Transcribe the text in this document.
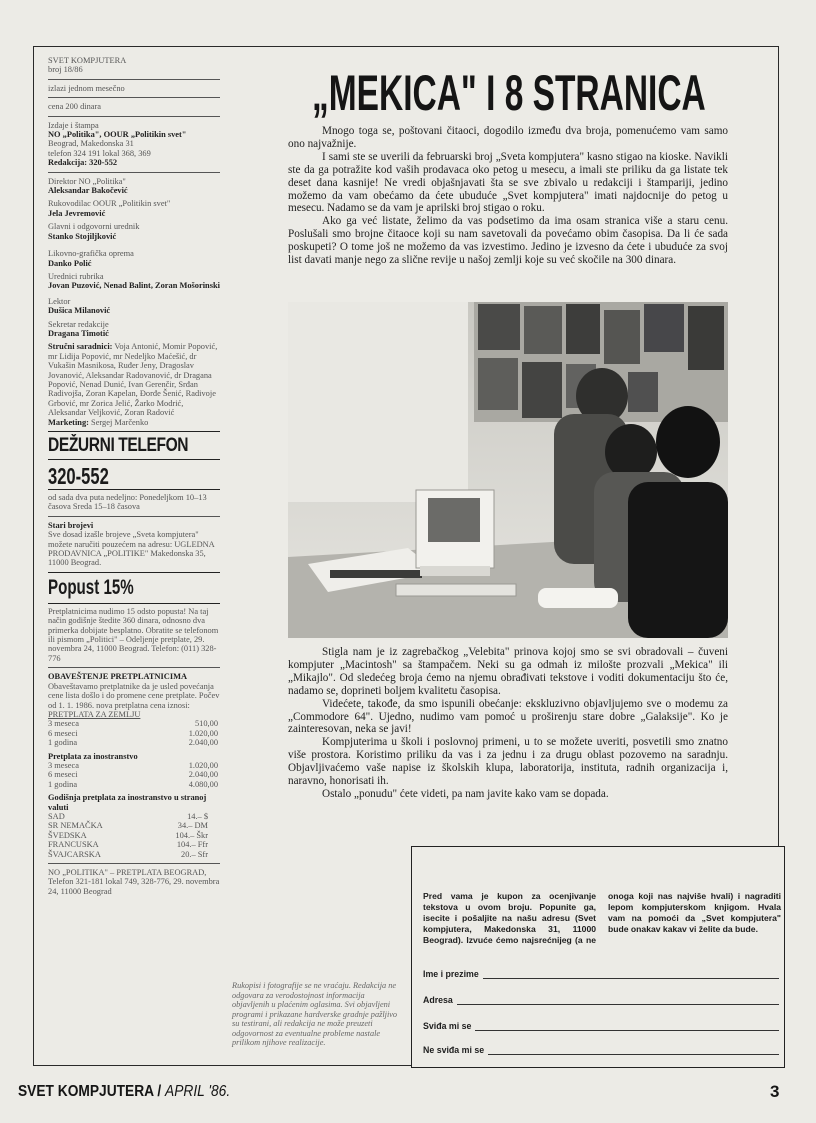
SVET KOMPJUTERA
broj 18/86
izlazi jednom mesečno
cena 200 dinara
Izdaje i štampa
NO „Politika", OOUR „Politikin svet"
Beograd, Makedonska 31
telefon 324 191 lokal 368, 369
Redakcija: 320-552
Direktor NO „Politika"
Aleksandar Bakočević
Rukovodilac OOUR „Politikin svet"
Jela Jevremović
Glavni i odgovorni urednik
Stanko Stojiljković
Likovno-grafička oprema
Danko Polić
Urednici rubrika
Jovan Puzović, Nenad Balint, Zoran Mošorinski
Lektor
Dušica Milanović
Sekretar redakcije
Dragana Timotić
Stručni saradnici: Voja Antonić, Momir Popović, mr Lidija Popović, mr Nedeljko Maćešić, dr Vukašin Masnikosa, Ruđer Jeny, Dragoslav Jovanović, Aleksandar Radovanović, dr Dragana Popović, Nenad Dunić, Ivan Gerenčir, Srđan Radivojša, Zoran Kapelan, Đorđe Šenić, Radivoje Grbović, mr Zorica Jelić, Žarko Modrić, Aleksandar Veljković, Zoran Radović
Marketing: Sergej Marčenko
DEŽURNI TELEFON
320-552
od sada dva puta nedeljno: Ponedeljkom 10–13 časova Sreda 15–18 časova
Stari brojevi
Sve dosad izašle brojeve „Sveta kompjutera" možete naručiti pouzećem na adresu: UGLEDNA PRODAVNICA „POLITIKE" Makedonska 35, 11000 Beograd.
Popust 15%
Pretplatnicima nudimo 15 odsto popusta! Na taj način godišnje štedite 360 dinara, odnosno dva primerka dobijate besplatno. Obratite se telefonom ili pismom „Politici" – Odeljenje pretplate, 29. novembra 24, 11000 Beograd. Telefon: (011) 328-776
OBAVEŠTENJE PRETPLATNICIMA
Obaveštavamo pretplatnike da je usled povećanja cene lista došlo i do promene cene pretplate. Počev od 1. 1. 1986. nova pretplatna cena iznosi:
PRETPLATA ZA ZEMLJU
3 meseca	510,00
6 meseci	1.020,00
1 godina	2.040,00
Pretplata za inostranstvo
3 meseca	1.020,00
6 meseci	2.040,00
1 godina	4.080,00
Godišnja pretplata za inostranstvo u stranoj valuti
SAD	14.– $
SR NEMAČKA	34.– DM
ŠVEDSKA	104.– Škr
FRANCUSKA	104.– Ffr
ŠVAJCARSKA	20.– Sfr
NO „POLITIKA" – PRETPLATA BEOGRAD, Telefon 321-181 lokal 749, 328-776, 29. novembra 24, 11000 Beograd
„MEKICA" I 8 STRANICA

Mnogo toga se, poštovani čitaoci, dogodilo između dva broja, pomenućemo vam samo ono najvažnije.

I sami ste se uverili da februarski broj „Sveta kompjutera" kasno stigao na kioske. Navikli ste da ga potražite kod vaših prodavaca oko petog u mesecu, a imali ste priliku da ga listate tek deset dana kasnije! Ne vredi objašnjavati šta se sve zbivalo u redakciji i štampariji, jedino možemo da vam obećamo da ćete ubuduće „Svet kompjutera" imati najdocnije do petog u mesecu. Nadamo se da vam je aprilski broj stigao o roku.

Ako ga već listate, želimo da vas podsetimo da ima osam stranica više a staru cenu. Poslušali smo brojne čitaoce koji su nam savetovali da povećamo obim časopisa. Da li će sada poskupeti? O tome još ne možemo da vas izvestimo. Jedino je izvesno da ćete i ubuduće za svoj list davati manje nego za slične revije u našoj zemlji koje su već skočile na 300 dinara.

Stigla nam je iz zagrebačkog „Velebita" prinova kojoj smo se svi obradovali – čuveni kompjuter „Macintosh" sa štampačem. Neki su ga odmah iz milošte prozvali „Mekica" ili „Mikajlo". Od sledećeg broja ćemo na njemu obrađivati tekstove i voditi dokumentaciju što će, nadamo se, doprineti boljem kvalitetu časopisa.

Videćete, takođe, da smo ispunili obećanje: ekskluzivno objavljujemo sve o modemu za „Commodore 64". Ujedno, nudimo vam pomoć u proširenju stare dobre „Galaksije". Ko je zainteresovan, neka se javi!

Kompjuterima u školi i poslovnoj primeni, u to se možete uveriti, posvetili smo znatno više prostora. Koristimo priliku da vas i za jednu i za drugu oblast pozovemo na saradnju. Objavljivaćemo vaše napise iz školskih klupa, laboratorija, instituta, radnih organizacija i, naravno, honorisati ih.

Ostalo „ponudu" ćete videti, pa nam javite kako vam se dopada.

Rukopisi i fotografije se ne vraćaju. Redakcija ne odgovara za verodostojnost informacija objavljenih u plaćenim oglasima. Svi objavljeni programi i prikazane hardverske gradnje pažljivo su testirani, ali redakcija ne može preuzeti odgovornost za eventualne probleme nastale prilikom njihove realizacije.
Pred vama je kupon za ocenjivanje tekstova u ovom broju. Popunite ga, isecite i pošaljite na našu adresu (Svet kompjutera, Makedonska 31, 11000 Beograd). Izvuće ćemo najsrećnijeg (a ne onoga koji nas najviše hvali) i nagraditi lepom kompjuterskom knjigom. Hvala vam na pomoći da „Svet kompjutera" bude onakav kakav vi želite da bude.
Ime i prezime
Adresa
Sviđa mi se
Ne sviđa mi se
SVET KOMPJUTERA / APRIL '86.	3
